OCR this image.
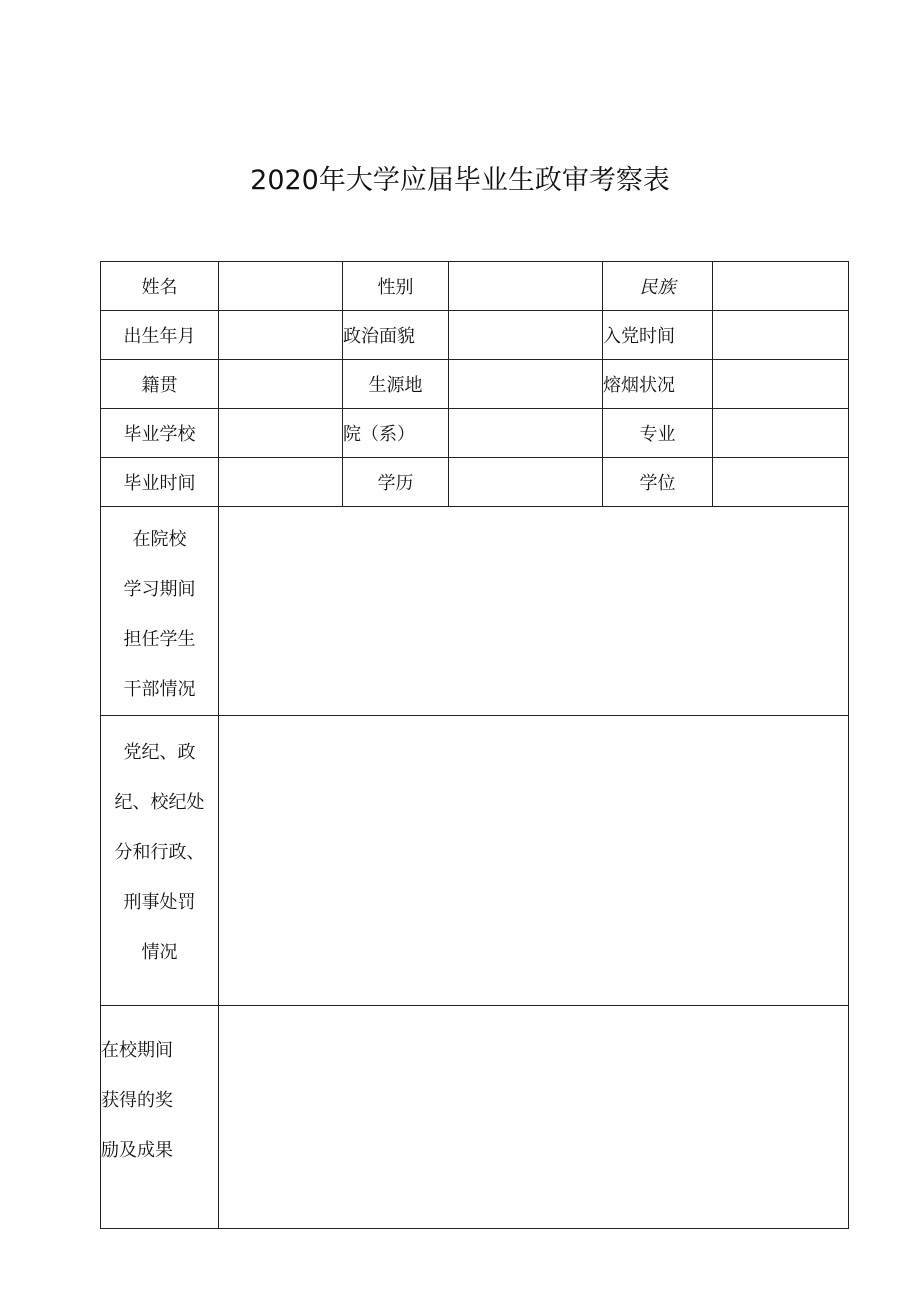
2020年大学应届毕业生政审考察表
姓名		性别		民族	
出生年月		政治面貌		入党时间	
籍贯		生源地		熔烟状况	
毕业学校		院（系）		专业	
毕业时间		学历		学位	

在院校
学习期间
担任学生
干部情况					

党纪、政
纪、校纪处
分和行政、
刑事处罚
情况					

在校期间
获得的奖
励及成果					
